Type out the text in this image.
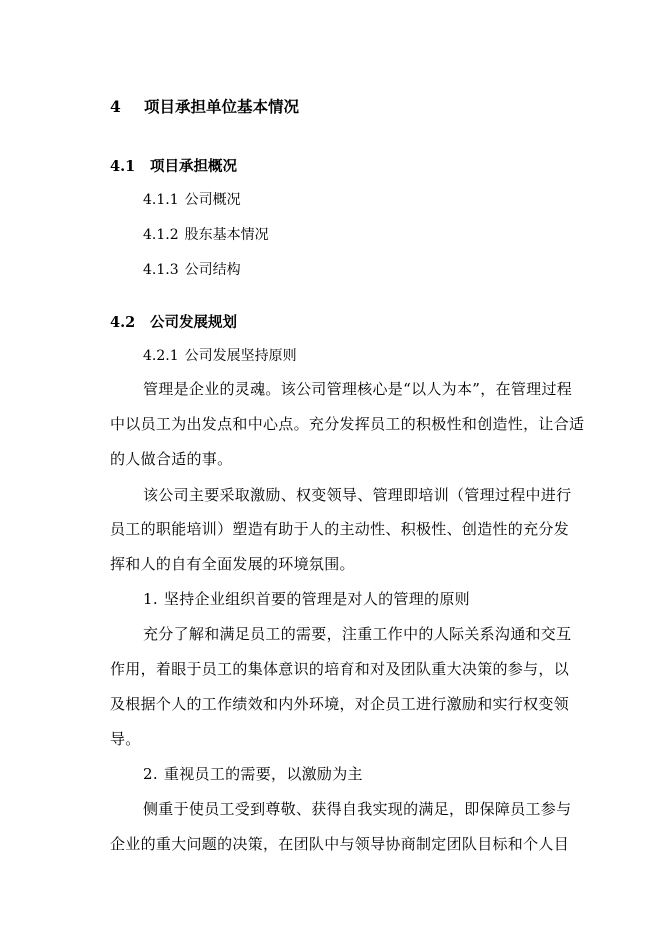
4 项目承担单位基本情况
4.1 项目承担概况
4.1.1 公司概况
4.1.2 股东基本情况
4.1.3 公司结构
4.2 公司发展规划
4.2.1 公司发展坚持原则
管理是企业的灵魂。该公司管理核心是“以人为本”，在管理过程
中以员工为出发点和中心点。充分发挥员工的积极性和创造性，让合适
的人做合适的事。
该公司主要采取激励、权变领导、管理即培训（管理过程中进行
员工的职能培训）塑造有助于人的主动性、积极性、创造性的充分发
挥和人的自有全面发展的环境氛围。
1. 坚持企业组织首要的管理是对人的管理的原则
充分了解和满足员工的需要，注重工作中的人际关系沟通和交互
作用，着眼于员工的集体意识的培育和对及团队重大决策的参与，以
及根据个人的工作绩效和内外环境，对企员工进行激励和实行权变领
导。
2. 重视员工的需要，以激励为主
侧重于使员工受到尊敬、获得自我实现的满足，即保障员工参与
企业的重大问题的决策，在团队中与领导协商制定团队目标和个人目
